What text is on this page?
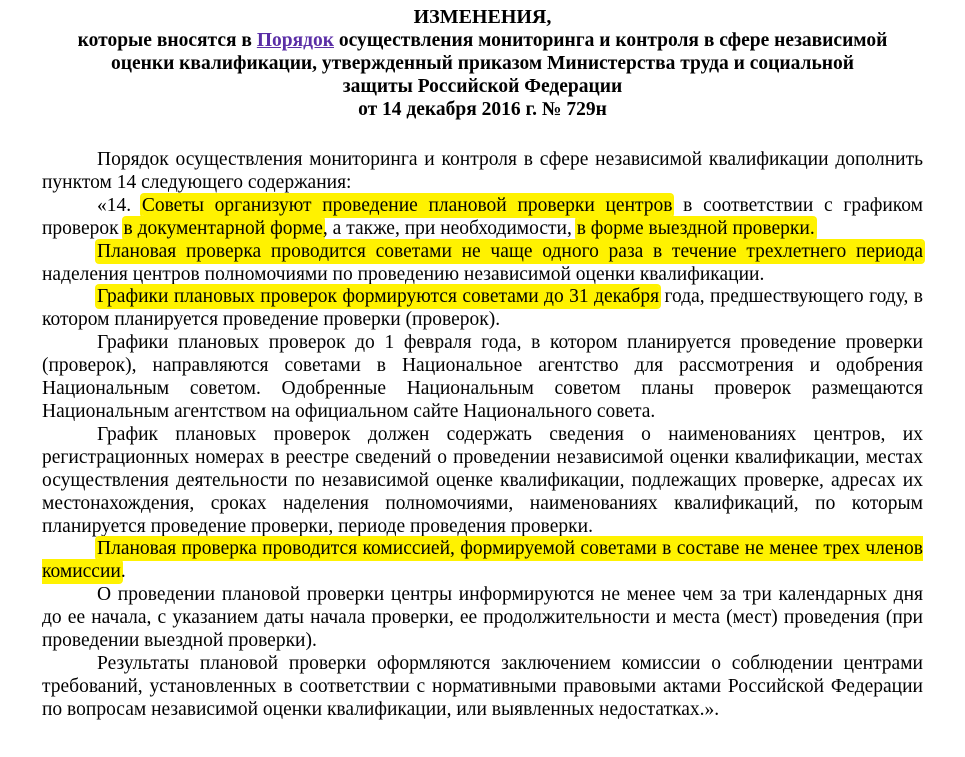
ИЗМЕНЕНИЯ,
которые вносятся в Порядок осуществления мониторинга и контроля в сфере независимой
оценки квалификации, утвержденный приказом Министерства труда и социальной
защиты Российской Федерации
от 14 декабря 2016 г. № 729н

Порядок осуществления мониторинга и контроля в сфере независимой квалификации дополнить пунктом 14 следующего содержания:

«14. Советы организуют проведение плановой проверки центров в соответствии с графиком проверок в документарной форме, а также, при необходимости, в форме выездной проверки.

Плановая проверка проводится советами не чаще одного раза в течение трехлетнего периода наделения центров полномочиями по проведению независимой оценки квалификации.

Графики плановых проверок формируются советами до 31 декабря года, предшествующего году, в котором планируется проведение проверки (проверок).

Графики плановых проверок до 1 февраля года, в котором планируется проведение проверки (проверок), направляются советами в Национальное агентство для рассмотрения и одобрения Национальным советом. Одобренные Национальным советом планы проверок размещаются Национальным агентством на официальном сайте Национального совета.

График плановых проверок должен содержать сведения о наименованиях центров, их регистрационных номерах в реестре сведений о проведении независимой оценки квалификации, местах осуществления деятельности по независимой оценке квалификации, подлежащих проверке, адресах их местонахождения, сроках наделения полномочиями, наименованиях квалификаций, по которым планируется проведение проверки, периоде проведения проверки.

Плановая проверка проводится комиссией, формируемой советами в составе не менее трех членов комиссии.

О проведении плановой проверки центры информируются не менее чем за три календарных дня до ее начала, с указанием даты начала проверки, ее продолжительности и места (мест) проведения (при проведении выездной проверки).

Результаты плановой проверки оформляются заключением комиссии о соблюдении центрами требований, установленных в соответствии с нормативными правовыми актами Российской Федерации по вопросам независимой оценки квалификации, или выявленных недостатках.».
